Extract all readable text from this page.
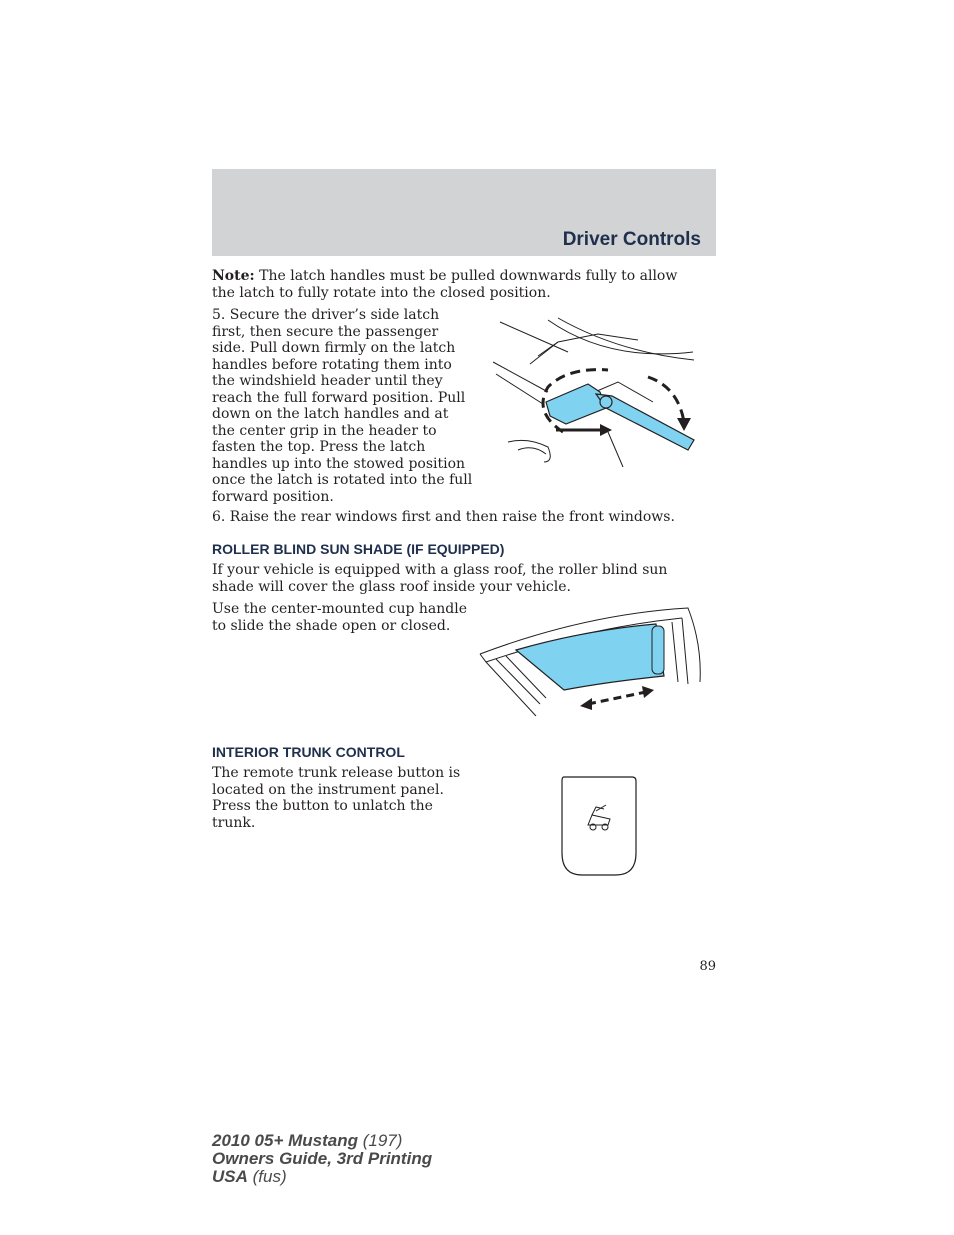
Driver Controls
Note: The latch handles must be pulled downwards fully to allow the latch to fully rotate into the closed position.
5. Secure the driver’s side latch first, then secure the passenger side. Pull down firmly on the latch handles before rotating them into the windshield header until they reach the full forward position. Pull down on the latch handles and at the center grip in the header to fasten the top. Press the latch handles up into the stowed position once the latch is rotated into the full forward position.
6. Raise the rear windows first and then raise the front windows.
ROLLER BLIND SUN SHADE (IF EQUIPPED)
If your vehicle is equipped with a glass roof, the roller blind sun shade will cover the glass roof inside your vehicle.
Use the center-mounted cup handle to slide the shade open or closed.
INTERIOR TRUNK CONTROL
The remote trunk release button is located on the instrument panel. Press the button to unlatch the trunk.
89
2010 05+ Mustang (197)
Owners Guide, 3rd Printing
USA (fus)
